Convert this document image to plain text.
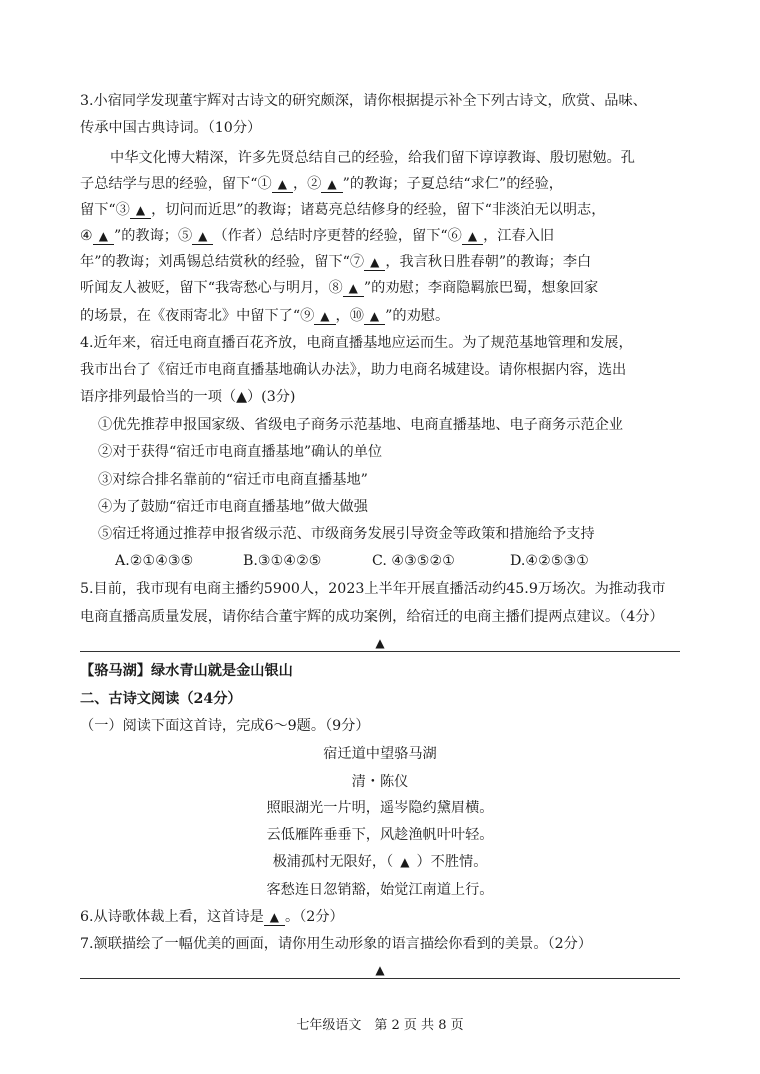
3.小宿同学发现董宇辉对古诗文的研究颇深，请你根据提示补全下列古诗文，欣赏、品味、
传承中国古典诗词。（10分）
中华文化博大精深，许多先贤总结自己的经验，给我们留下谆谆教诲、殷切慰勉。孔
子总结学与思的经验，留下“① ▲ ，② ▲ ”的教诲；子夏总结“求仁”的经验，
留下“③ ▲ ，切问而近思”的教诲；诸葛亮总结修身的经验，留下“非淡泊无以明志，
④ ▲ ”的教诲；⑤ ▲ （作者）总结时序更替的经验，留下“⑥ ▲ ，江春入旧
年”的教诲；刘禹锡总结赏秋的经验，留下“⑦ ▲ ，我言秋日胜春朝”的教诲；李白
听闻友人被贬，留下“我寄愁心与明月，⑧ ▲ ”的劝慰；李商隐羁旅巴蜀，想象回家
的场景，在《夜雨寄北》中留下了“⑨ ▲ ，⑩ ▲ ”的劝慰。
4.近年来，宿迁电商直播百花齐放，电商直播基地应运而生。为了规范基地管理和发展，
我市出台了《宿迁市电商直播基地确认办法》，助力电商名城建设。请你根据内容，选出
语序排列最恰当的一项（▲）(3分)
①优先推荐申报国家级、省级电子商务示范基地、电商直播基地、电子商务示范企业
②对于获得“宿迁市电商直播基地”确认的单位
③对综合排名靠前的“宿迁市电商直播基地”
④为了鼓励“宿迁市电商直播基地”做大做强
⑤宿迁将通过推荐申报省级示范、市级商务发展引导资金等政策和措施给予支持
A.②①④③⑤	B.③①④②⑤	C. ④③⑤②①	D.④②⑤③①
5.目前，我市现有电商主播约5900人，2023上半年开展直播活动约45.9万场次。为推动我市
电商直播高质量发展，请你结合董宇辉的成功案例，给宿迁的电商主播们提两点建议。（4分）
▲
【骆马湖】绿水青山就是金山银山
二、古诗文阅读（24分）
（一）阅读下面这首诗，完成6～9题。（9分）
宿迁道中望骆马湖
清・陈仪
照眼湖光一片明，遥岑隐约黛眉横。
云低雁阵垂垂下，风趁渔帆叶叶轻。
极浦孤村无限好，（ ▲ ）不胜情。
客愁连日忽销豁，始觉江南道上行。
6.从诗歌体裁上看，这首诗是 ▲ 。（2分）
7.颔联描绘了一幅优美的画面，请你用生动形象的语言描绘你看到的美景。（2分）
▲
七年级语文　第 2 页 共 8 页
